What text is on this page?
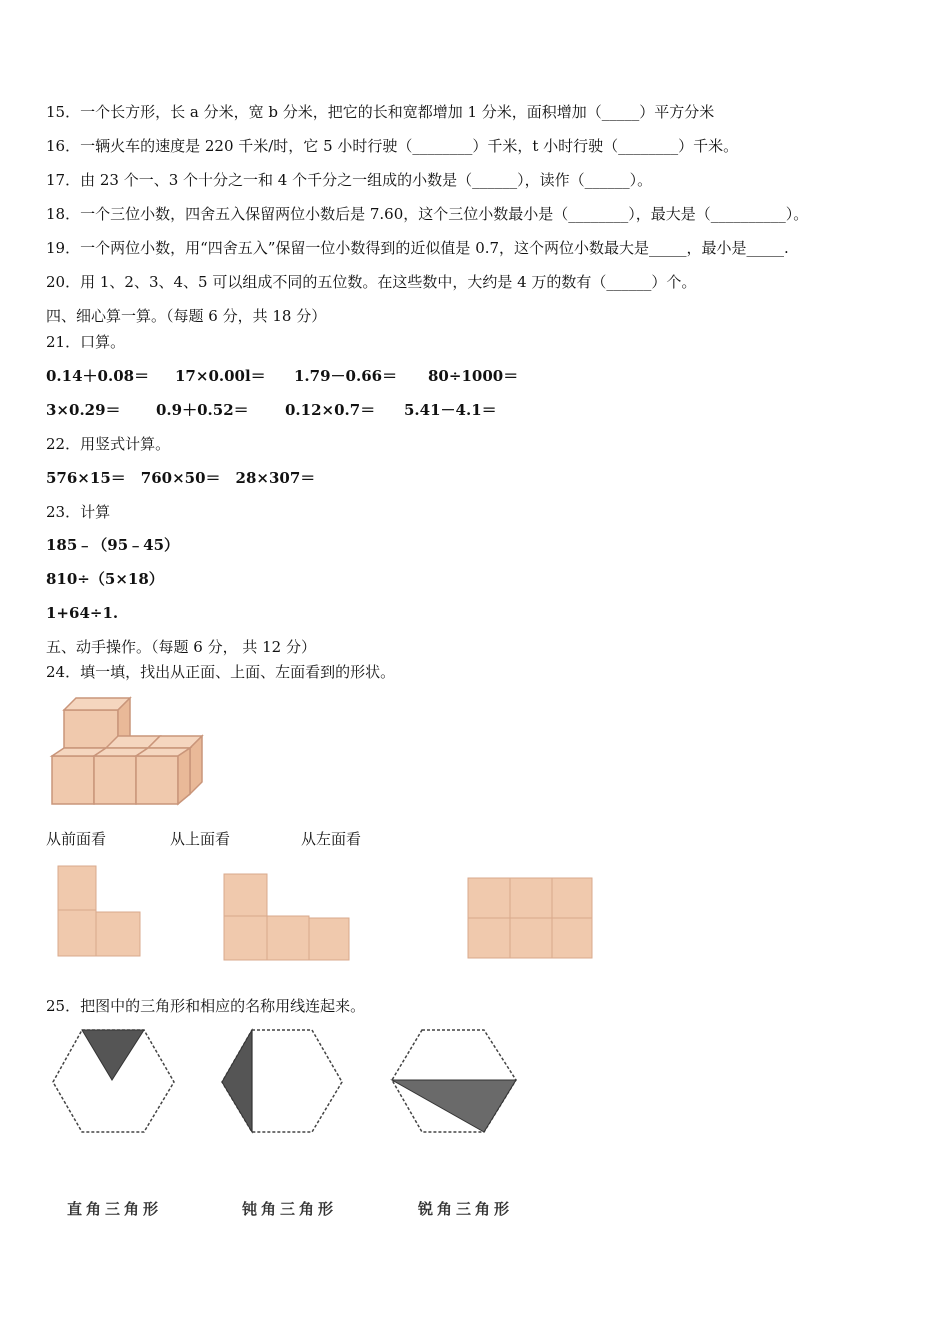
15．一个长方形，长 a 分米，宽 b 分米，把它的长和宽都增加 1 分米，面积增加（_____）平方分米
16．一辆火车的速度是 220 千米/时，它 5 小时行驶（________）千米，t 小时行驶（________）千米。
17．由 23 个一、3 个十分之一和 4 个千分之一组成的小数是（______），读作（______）。
18．一个三位小数，四舍五入保留两位小数后是 7.60，这个三位小数最小是（________），最大是（__________）。
19．一个两位小数，用“四舍五入”保留一位小数得到的近似值是 0.7，这个两位小数最大是_____，最小是_____.
20．用 1、2、3、4、5 可以组成不同的五位数。在这些数中，大约是 4 万的数有（______）个。
四、细心算一算。（每题 6 分，共 18 分）
21．口算。
0.14＋0.08＝ 17×0.00l＝ 1.79－0.66＝ 80÷1000＝
3×0.29＝ 0.9＋0.52＝ 0.12×0.7＝ 5.41－4.1＝
22．用竖式计算。
576×15＝　760×50＝　28×307＝
23．计算
185﹣（95﹣45）
810÷（5×18）
1+64÷1.
五、动手操作。（每题 6 分， 共 12 分）
24．填一填，找出从正面、上面、左面看到的形状。
从前面看	从上面看	从左面看
25．把图中的三角形和相应的名称用线连起来。
直角三角形	钝角三角形	锐角三角形
